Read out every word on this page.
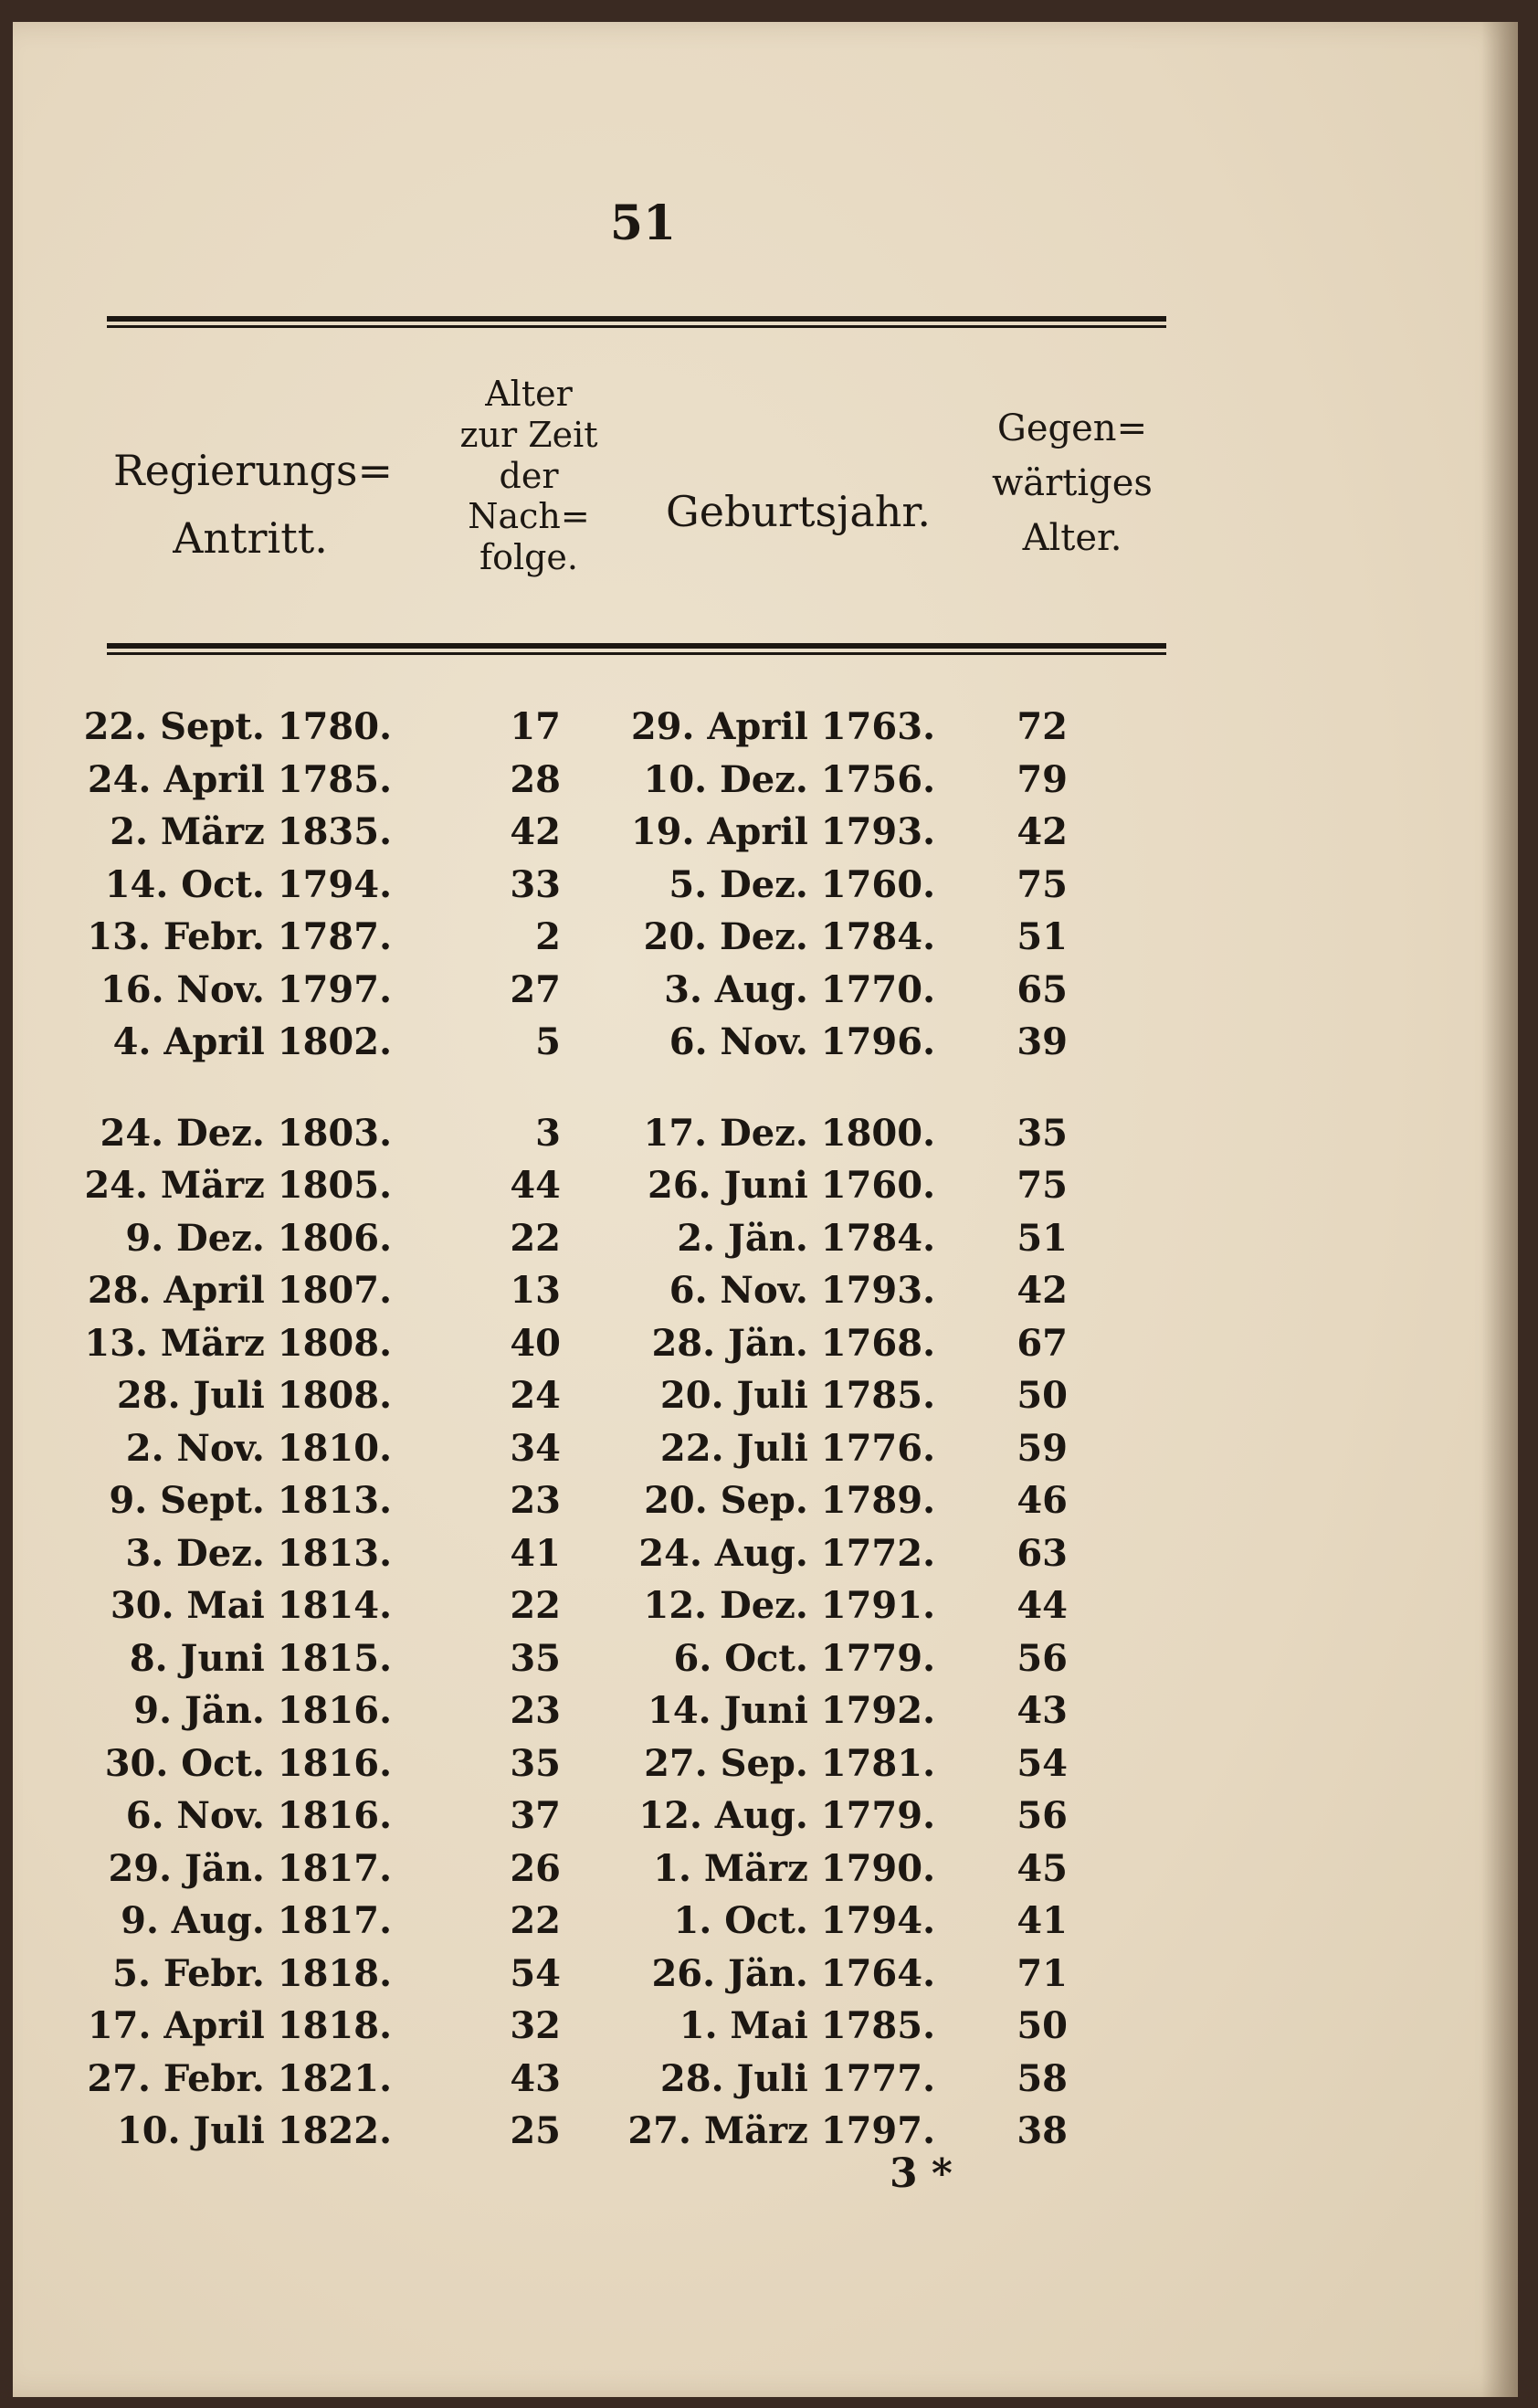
51
Regierungs=
Antritt.
Alter
zur Zeit
der
Nach=
folge.
Geburtsjahr.
Gegen=
wärtiges
Alter.
22. Sept. 1780.	17	29. April 1763.	72
24. April 1785.	28	10. Dez. 1756.	79
2. März 1835.	42	19. April 1793.	42
14. Oct. 1794.	33	5. Dez. 1760.	75
13. Febr. 1787.	2	20. Dez. 1784.	51
16. Nov. 1797.	27	3. Aug. 1770.	65
4. April 1802.	5	6. Nov. 1796.	39
24. Dez. 1803.	3	17. Dez. 1800.	35
24. März 1805.	44	26. Juni 1760.	75
9. Dez. 1806.	22	2. Jän. 1784.	51
28. April 1807.	13	6. Nov. 1793.	42
13. März 1808.	40	28. Jän. 1768.	67
28. Juli 1808.	24	20. Juli 1785.	50
2. Nov. 1810.	34	22. Juli 1776.	59
9. Sept. 1813.	23	20. Sep. 1789.	46
3. Dez. 1813.	41	24. Aug. 1772.	63
30. Mai 1814.	22	12. Dez. 1791.	44
8. Juni 1815.	35	6. Oct. 1779.	56
9. Jän. 1816.	23	14. Juni 1792.	43
30. Oct. 1816.	35	27. Sep. 1781.	54
6. Nov. 1816.	37	12. Aug. 1779.	56
29. Jän. 1817.	26	1. März 1790.	45
9. Aug. 1817.	22	1. Oct. 1794.	41
5. Febr. 1818.	54	26. Jän. 1764.	71
17. April 1818.	32	1. Mai 1785.	50
27. Febr. 1821.	43	28. Juli 1777.	58
10. Juli 1822.	25	27. März 1797.	38
3 *
